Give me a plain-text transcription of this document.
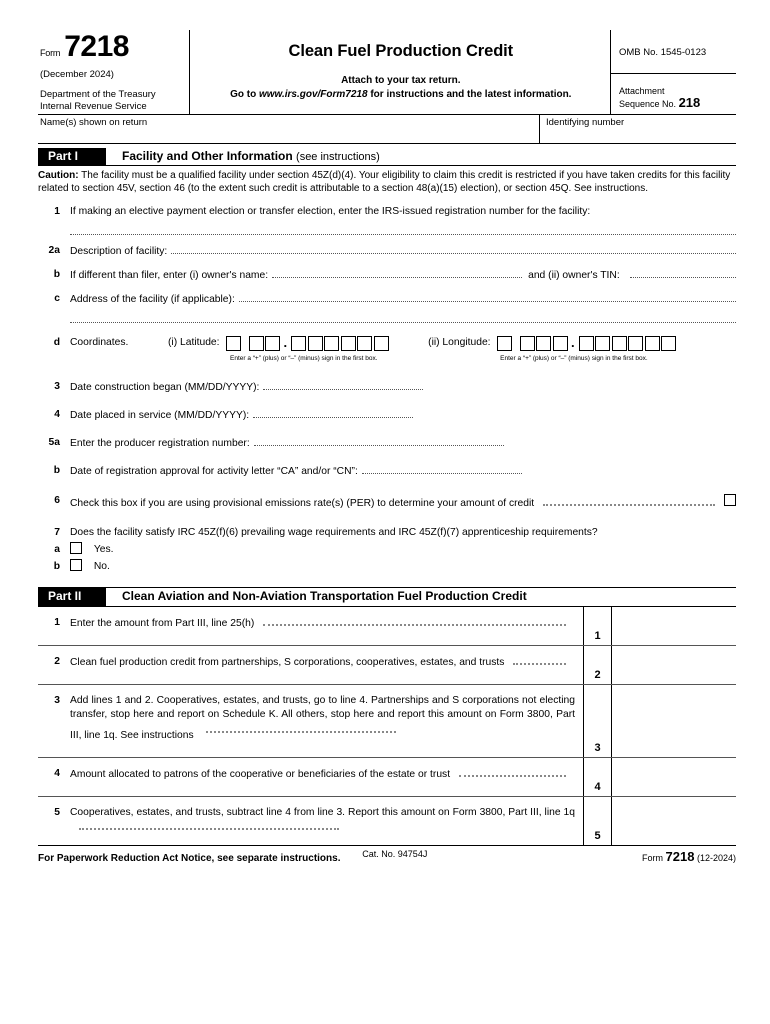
Form 7218
(December 2024)
Department of the Treasury
Internal Revenue Service
Clean Fuel Production Credit
Attach to your tax return.
Go to www.irs.gov/Form7218 for instructions and the latest information.
OMB No. 1545-0123
Attachment
Sequence No. 218
Name(s) shown on return	Identifying number
Part I	Facility and Other Information (see instructions)
Caution: The facility must be a qualified facility under section 45Z(d)(4). Your eligibility to claim this credit is restricted if you have taken credits for this facility related to section 45V, section 46 (to the extent such credit is attributable to a section 48(a)(15) election), or section 45Q. See instructions.
1 If making an elective payment election or transfer election, enter the IRS-issued registration number for the facility:
2a Description of facility:
b If different than filer, enter (i) owner's name:	and (ii) owner's TIN:
c Address of the facility (if applicable):
d Coordinates.	(i) Latitude:	.
Enter a “+” (plus) or “–” (minus) sign in the first box.
(ii) Longitude:	.
Enter a “+” (plus) or “–” (minus) sign in the first box.
3 Date construction began (MM/DD/YYYY):
4 Date placed in service (MM/DD/YYYY):
5a Enter the producer registration number:
b Date of registration approval for activity letter “CA” and/or “CN”:
6 Check this box if you are using provisional emissions rate(s) (PER) to determine your amount of credit
7 Does the facility satisfy IRC 45Z(f)(6) prevailing wage requirements and IRC 45Z(f)(7) apprenticeship requirements?
a	Yes.
b	No.
Part II	Clean Aviation and Non-Aviation Transportation Fuel Production Credit
1 Enter the amount from Part III, line 25(h)
1
2 Clean fuel production credit from partnerships, S corporations, cooperatives, estates, and trusts
2
3 Add lines 1 and 2. Cooperatives, estates, and trusts, go to line 4. Partnerships and S corporations not electing transfer, stop here and report on Schedule K. All others, stop here and report this amount on Form 3800, Part III, line 1q. See instructions
3
4 Amount allocated to patrons of the cooperative or beneficiaries of the estate or trust
4
5 Cooperatives, estates, and trusts, subtract line 4 from line 3. Report this amount on Form 3800, Part III, line 1q
5
For Paperwork Reduction Act Notice, see separate instructions. Cat. No. 94754J	Form 7218 (12-2024)
